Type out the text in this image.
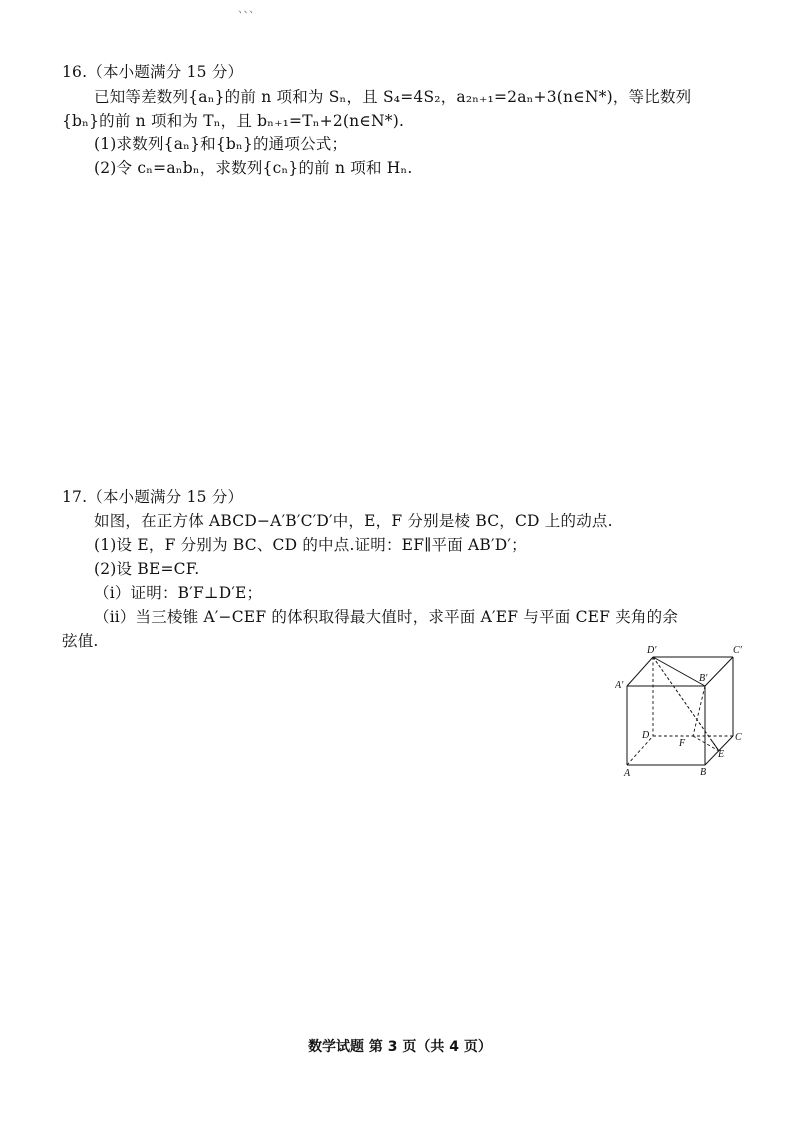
、、、
16.（本小题满分 15 分）
已知等差数列{aₙ}的前 n 项和为 Sₙ，且 S₄=4S₂，a₂ₙ₊₁=2aₙ+3(n∈N*)，等比数列
{bₙ}的前 n 项和为 Tₙ，且 bₙ₊₁=Tₙ+2(n∈N*).
(1)求数列{aₙ}和{bₙ}的通项公式；
(2)令 cₙ=aₙbₙ，求数列{cₙ}的前 n 项和 Hₙ.
17.（本小题满分 15 分）
如图，在正方体 ABCD−A′B′C′D′中，E，F 分别是棱 BC，CD 上的动点.
(1)设 E，F 分别为 BC、CD 的中点.证明：EF∥平面 AB′D′；
(2)设 BE=CF.
（ⅰ）证明：B′F⊥D′E；
（ⅱ）当三棱锥 A′−CEF 的体积取得最大值时，求平面 A′EF 与平面 CEF 夹角的余
弦值.
D′	C′
A′
B′
D	C
A	B
E
F
数学试题 第 3 页（共 4 页）
